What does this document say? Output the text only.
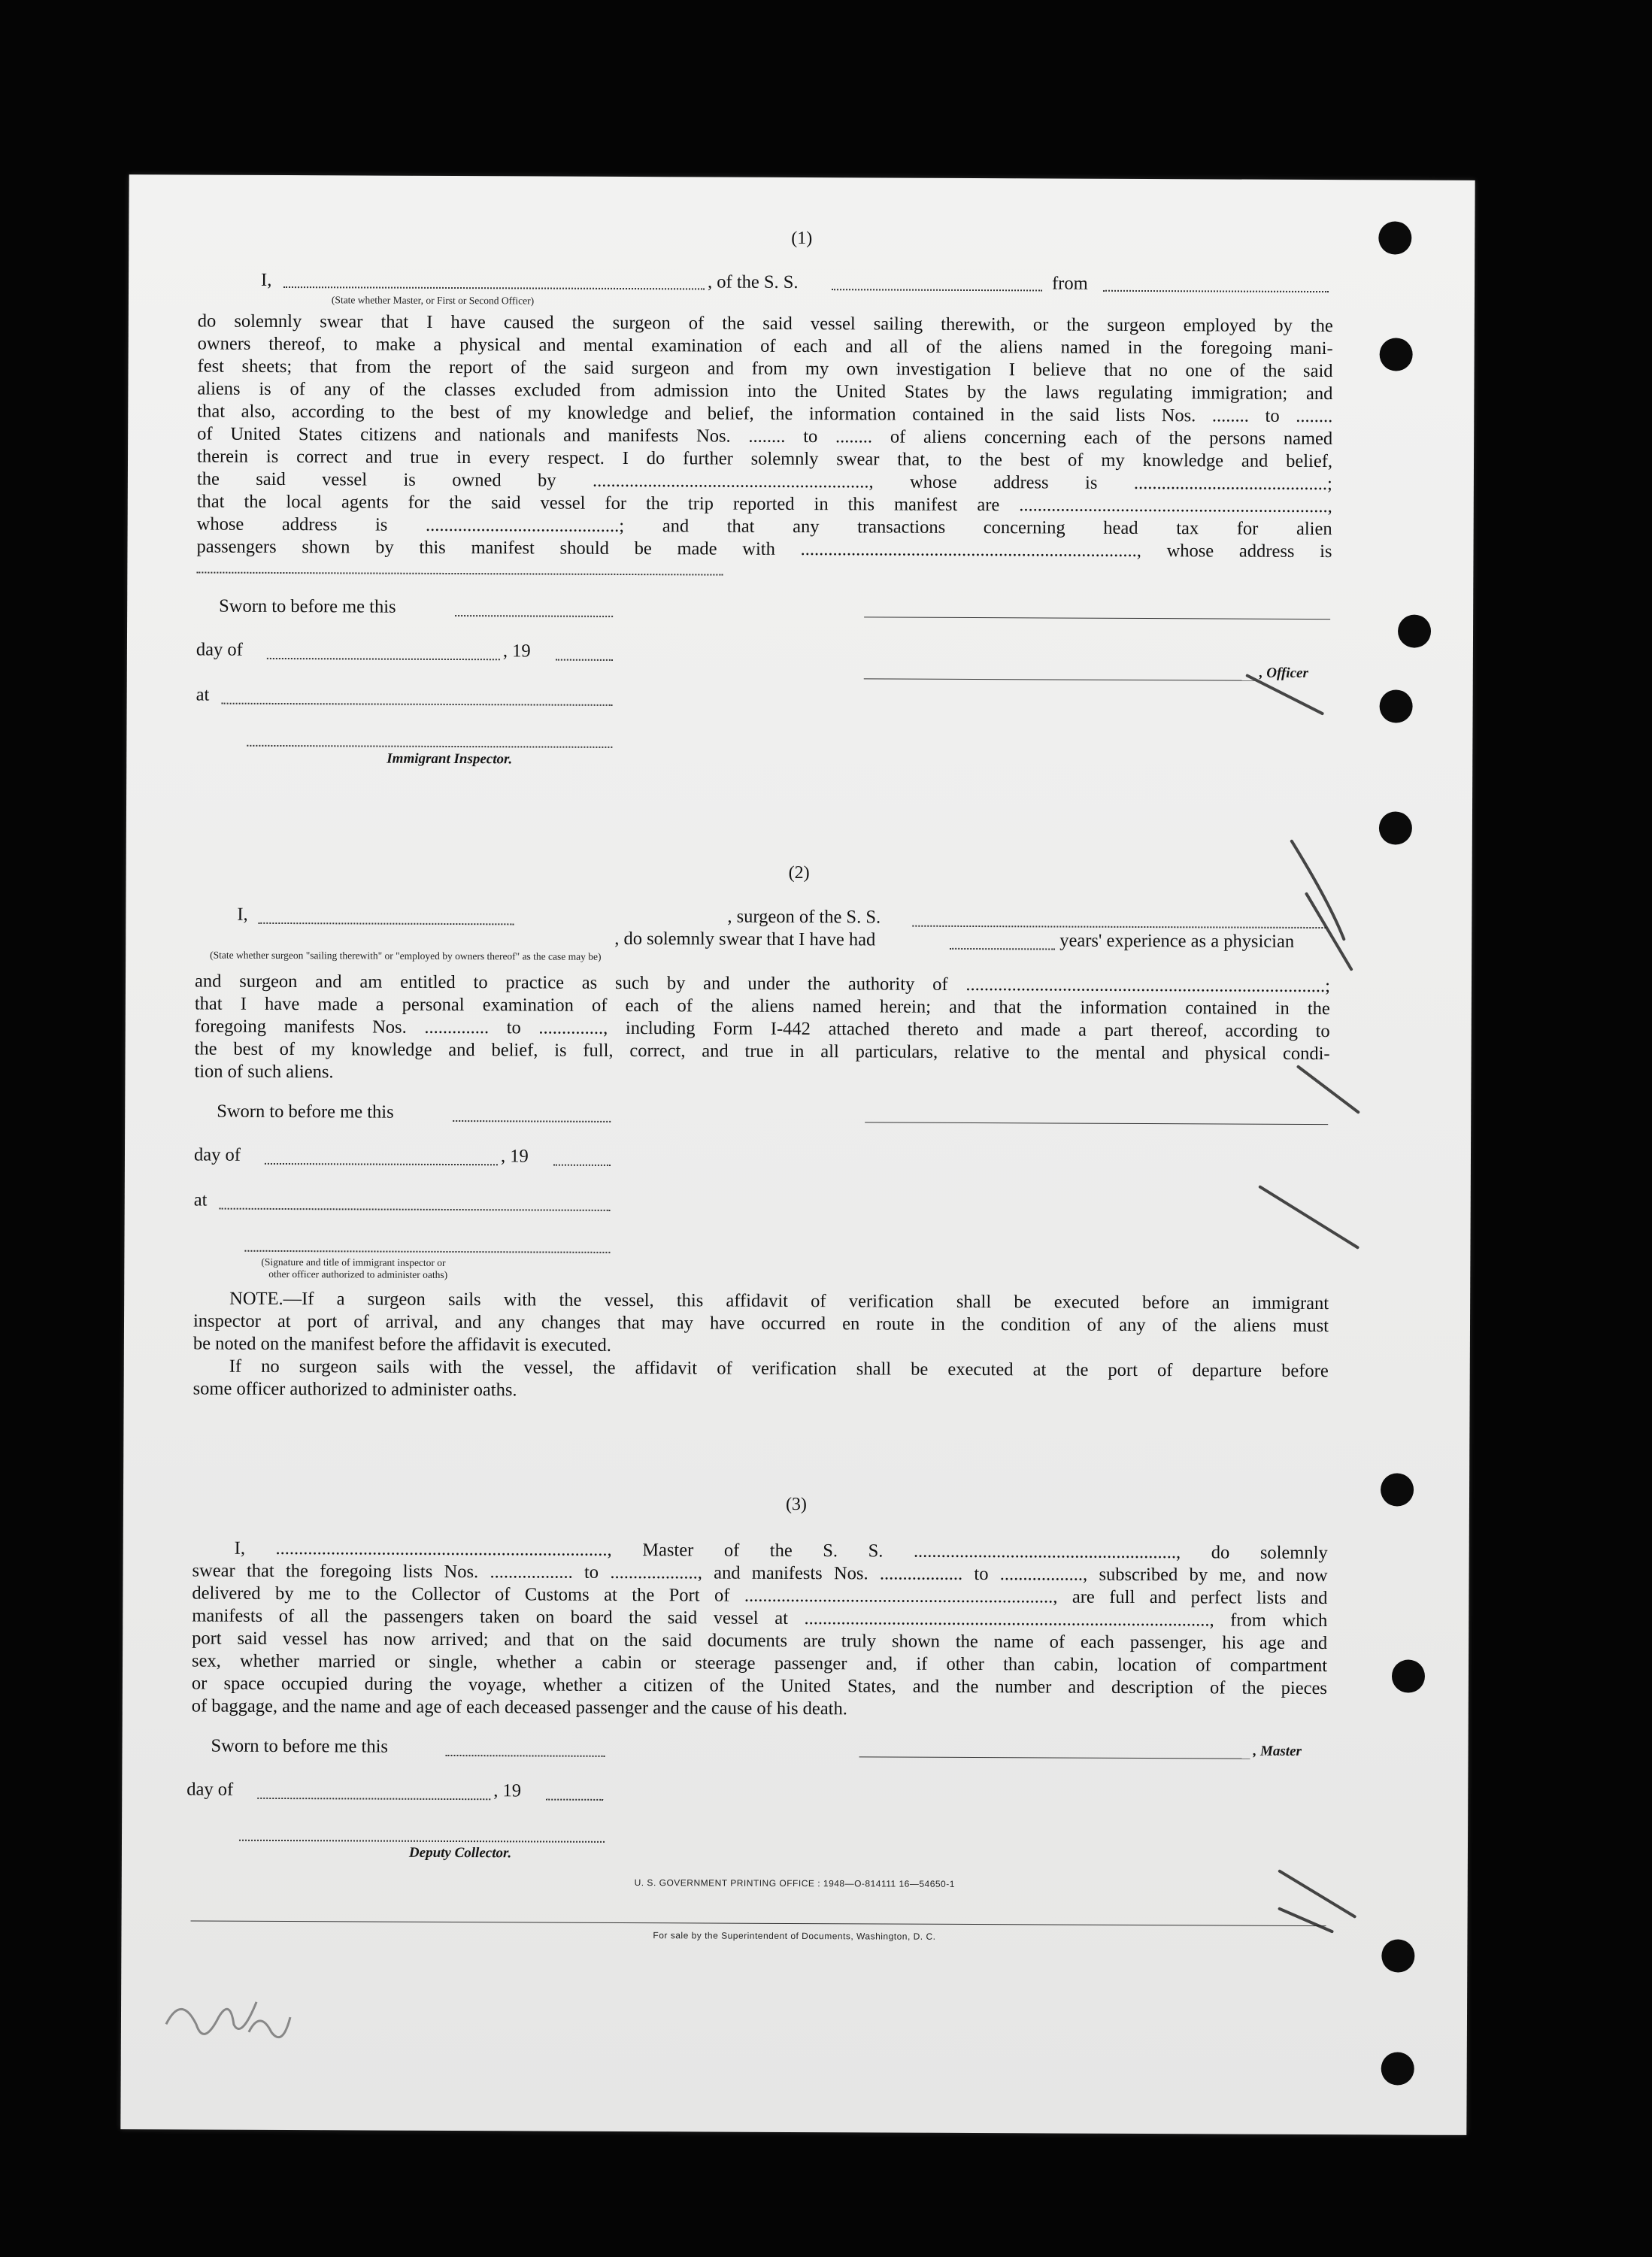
(1)
I,	, of the S. S.	from
(State whether Master, or First or Second Officer)
do solemnly swear that I have caused the surgeon of the said vessel sailing therewith, or the surgeon employed by the
owners thereof, to make a physical and mental examination of each and all of the aliens named in the foregoing mani-
fest sheets; that from the report of the said surgeon and from my own investigation I believe that no one of the said
aliens is of any of the classes excluded from admission into the United States by the laws regulating immigration; and
that also, according to the best of my knowledge and belief, the information contained in the said lists Nos. ........ to ........
of United States citizens and nationals and manifests Nos. ........ to ........ of aliens concerning each of the persons named
therein is correct and true in every respect. I do further solemnly swear that, to the best of my knowledge and belief,
the said vessel is owned by ............................................................, whose address is ..........................................;
that the local agents for the said vessel for the trip reported in this manifest are ...................................................................,
whose address is ..........................................; and that any transactions concerning head tax for alien
passengers shown by this manifest should be made with ........................................................................., whose address is
Sworn to before me this
day of	, 19
, Officer
at
Immigrant Inspector.
(2)
I,	, surgeon of the S. S.
, do solemnly swear that I have had	years' experience as a physician
(State whether surgeon "sailing therewith" or "employed by owners thereof" as the case may be)
and surgeon and am entitled to practice as such by and under the authority of ..............................................................................;
that I have made a personal examination of each of the aliens named herein; and that the information contained in the
foregoing manifests Nos. .............. to .............., including Form I-442 attached thereto and made a part thereof, according to
the best of my knowledge and belief, is full, correct, and true in all particulars, relative to the mental and physical condi-
tion of such aliens.
Sworn to before me this
day of	, 19
at
(Signature and title of immigrant inspector or
other officer authorized to administer oaths)
NOTE.—If a surgeon sails with the vessel, this affidavit of verification shall be executed before an immigrant
inspector at port of arrival, and any changes that may have occurred en route in the condition of any of the aliens must
be noted on the manifest before the affidavit is executed.
If no surgeon sails with the vessel, the affidavit of verification shall be executed at the port of departure before
some officer authorized to administer oaths.
(3)
I, ........................................................................, Master of the S. S. ........................................................., do solemnly
swear that the foregoing lists Nos. .................. to ..................., and manifests Nos. .................. to .................., subscribed by me, and now
delivered by me to the Collector of Customs at the Port of ..................................................................., are full and perfect lists and
manifests of all the passengers taken on board the said vessel at ........................................................................................, from which
port said vessel has now arrived; and that on the said documents are truly shown the name of each passenger, his age and
sex, whether married or single, whether a cabin or steerage passenger and, if other than cabin, location of compartment
or space occupied during the voyage, whether a citizen of the United States, and the number and description of the pieces
of baggage, and the name and age of each deceased passenger and the cause of his death.
Sworn to before me this	, Master
day of	, 19
Deputy Collector.
U. S. GOVERNMENT PRINTING OFFICE : 1948—O-814111 16—54650-1
For sale by the Superintendent of Documents, Washington, D. C.
